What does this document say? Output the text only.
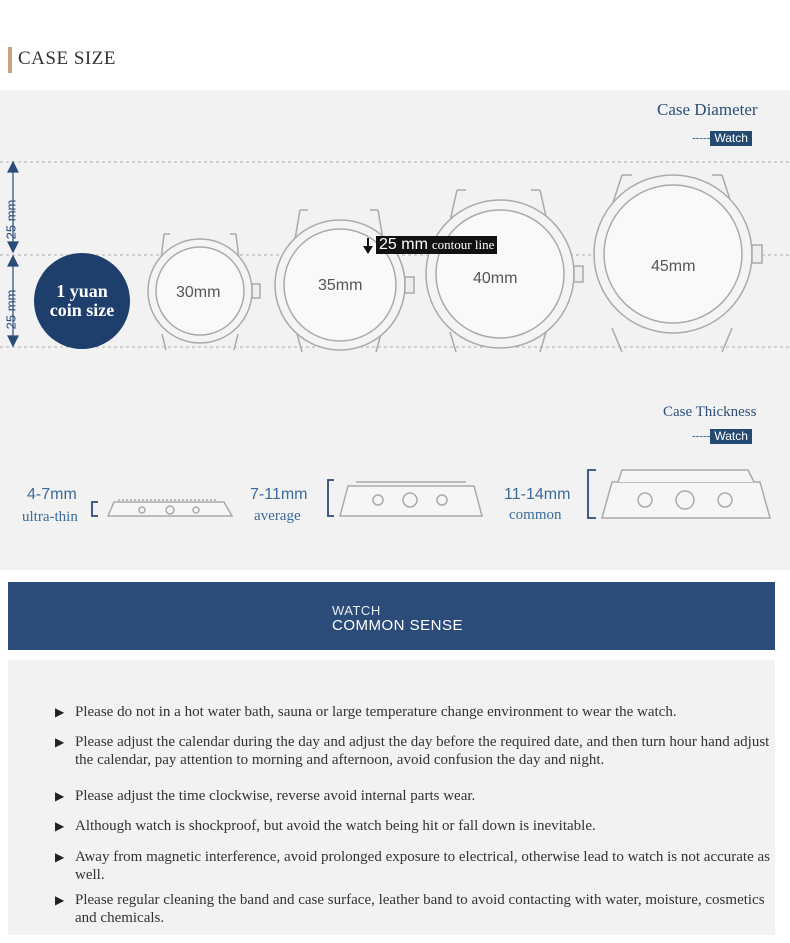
CASE SIZE
Case Diameter
----- Watch
25 mm
25 mm	1 yuan
coin size
25 mm contour line
30mm	35mm	40mm
45mm
Case Thickness
----- Watch
4-7mm
ultra-thin
7-11mm
average
11-14mm
common
WATCH
COMMON SENSE
▶ Please do not in a hot water bath, sauna or large temperature change environment to wear the watch.
▶ Please adjust the calendar during the day and adjust the day before the required date, and then turn hour hand adjust the calendar, pay attention to morning and afternoon, avoid confusion the day and night.
▶ Please adjust the time clockwise, reverse avoid internal parts wear.
▶ Although watch is shockproof, but avoid the watch being hit or fall down is inevitable.
▶ Away from magnetic interference, avoid prolonged exposure to electrical, otherwise lead to watch is not accurate as well.
▶ Please regular cleaning the band and case surface, leather band to avoid contacting with water, moisture, cosmetics and chemicals.
